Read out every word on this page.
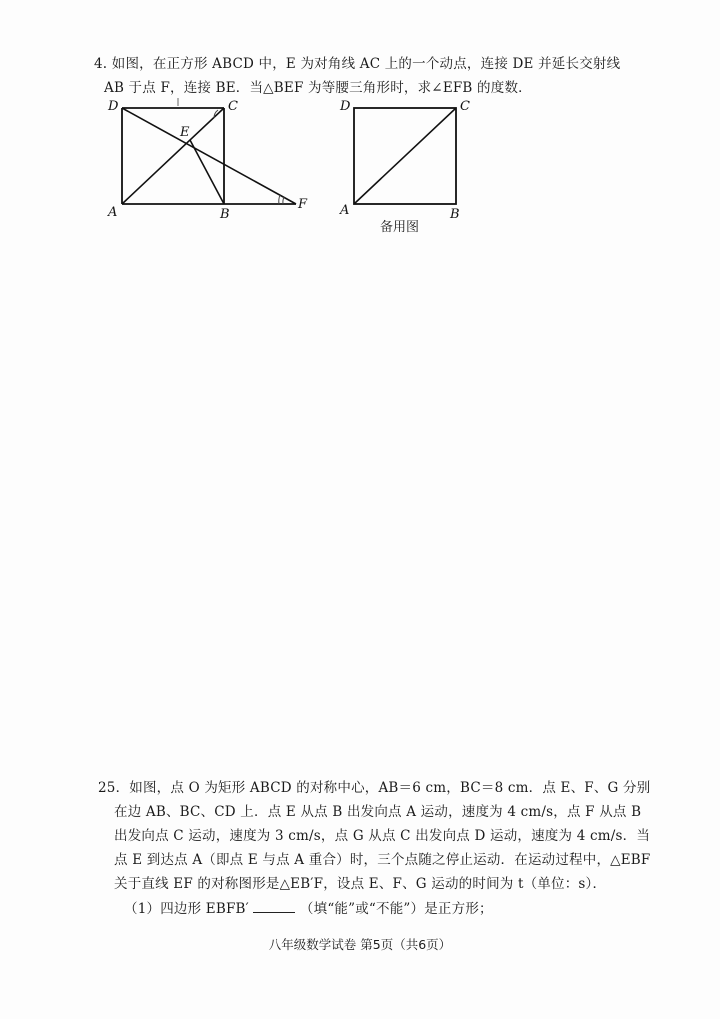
4. 如图，在正方形 ABCD 中，E 为对角线 AC 上的一个动点，连接 DE 并延长交射线
AB 于点 F，连接 BE．当△BEF 为等腰三角形时，求∠EFB 的度数．
D	C
A	B
E
F
D	C
A	B
备用图
25．如图，点 O 为矩形 ABCD 的对称中心，AB＝6 cm，BC＝8 cm．点 E、F、G 分别
在边 AB、BC、CD 上．点 E 从点 B 出发向点 A 运动，速度为 4 cm/s，点 F 从点 B
出发向点 C 运动，速度为 3 cm/s，点 G 从点 C 出发向点 D 运动，速度为 4 cm/s．当
点 E 到达点 A（即点 E 与点 A 重合）时，三个点随之停止运动．在运动过程中，△EBF
关于直线 EF 的对称图形是△EB′F，设点 E、F、G 运动的时间为 t（单位：s）．
（1）四边形 EBFB′	（填“能”或“不能”）是正方形；
八年级数学试卷 第5页（共6页）
